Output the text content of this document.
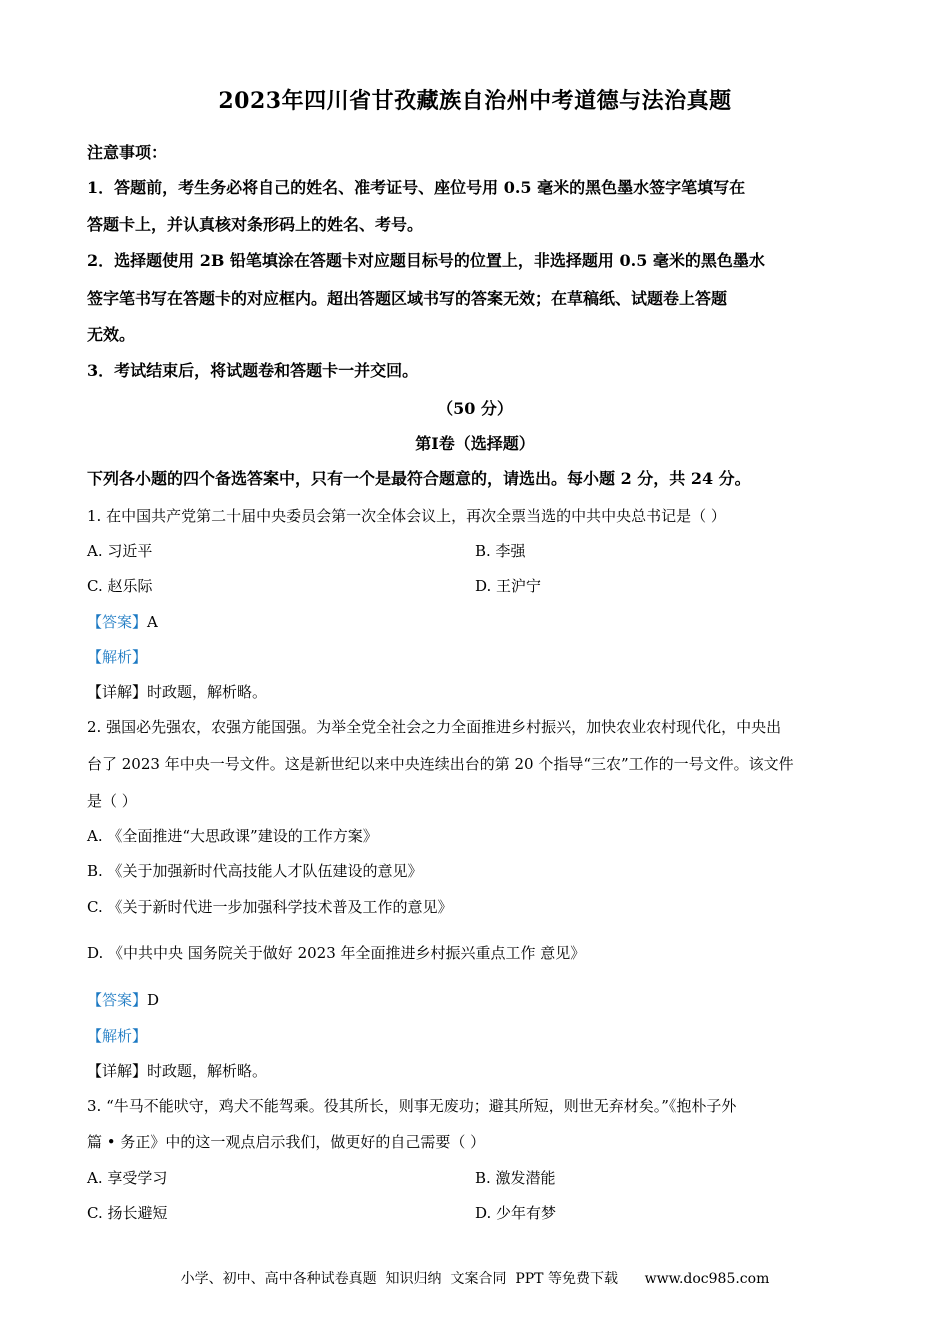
2023年四川省甘孜藏族自治州中考道德与法治真题
注意事项：
1．答题前，考生务必将自己的姓名、准考证号、座位号用 0.5 毫米的黑色墨水签字笔填写在
答题卡上，并认真核对条形码上的姓名、考号。
2．选择题使用 2B 铅笔填涂在答题卡对应题目标号的位置上，非选择题用 0.5 毫米的黑色墨水
签字笔书写在答题卡的对应框内。超出答题区域书写的答案无效；在草稿纸、试题卷上答题
无效。
3．考试结束后，将试题卷和答题卡一并交回。
（50 分）
第Ⅰ卷（选择题）
下列各小题的四个备选答案中，只有一个是最符合题意的，请选出。每小题 2 分，共 24 分。
1. 在中国共产党第二十届中央委员会第一次全体会议上，再次全票当选的中共中央总书记是（ ）
A. 习近平	B. 李强
C. 赵乐际	D. 王沪宁
【答案】A
【解析】
【详解】时政题，解析略。
2. 强国必先强农，农强方能国强。为举全党全社会之力全面推进乡村振兴，加快农业农村现代化，中央出
台了 2023 年中央一号文件。这是新世纪以来中央连续出台的第 20 个指导“三农”工作的一号文件。该文件
是（ ）
A. 《全面推进“大思政课”建设的工作方案》
B. 《关于加强新时代高技能人才队伍建设的意见》
C. 《关于新时代进一步加强科学技术普及工作的意见》
D. 《中共中央 国务院关于做好 2023 年全面推进乡村振兴重点工作 意见》
【答案】D
【解析】
【详解】时政题，解析略。
3. “牛马不能吠守，鸡犬不能驾乘。役其所长，则事无废功；避其所短，则世无弃材矣。”《抱朴子外
篇 • 务正》中的这一观点启示我们，做更好的自己需要（ ）
A. 享受学习	B. 激发潜能
C. 扬长避短	D. 少年有梦
小学、初中、高中各种试卷真题  知识归纳  文案合同  PPT 等免费下载      www.doc985.com
